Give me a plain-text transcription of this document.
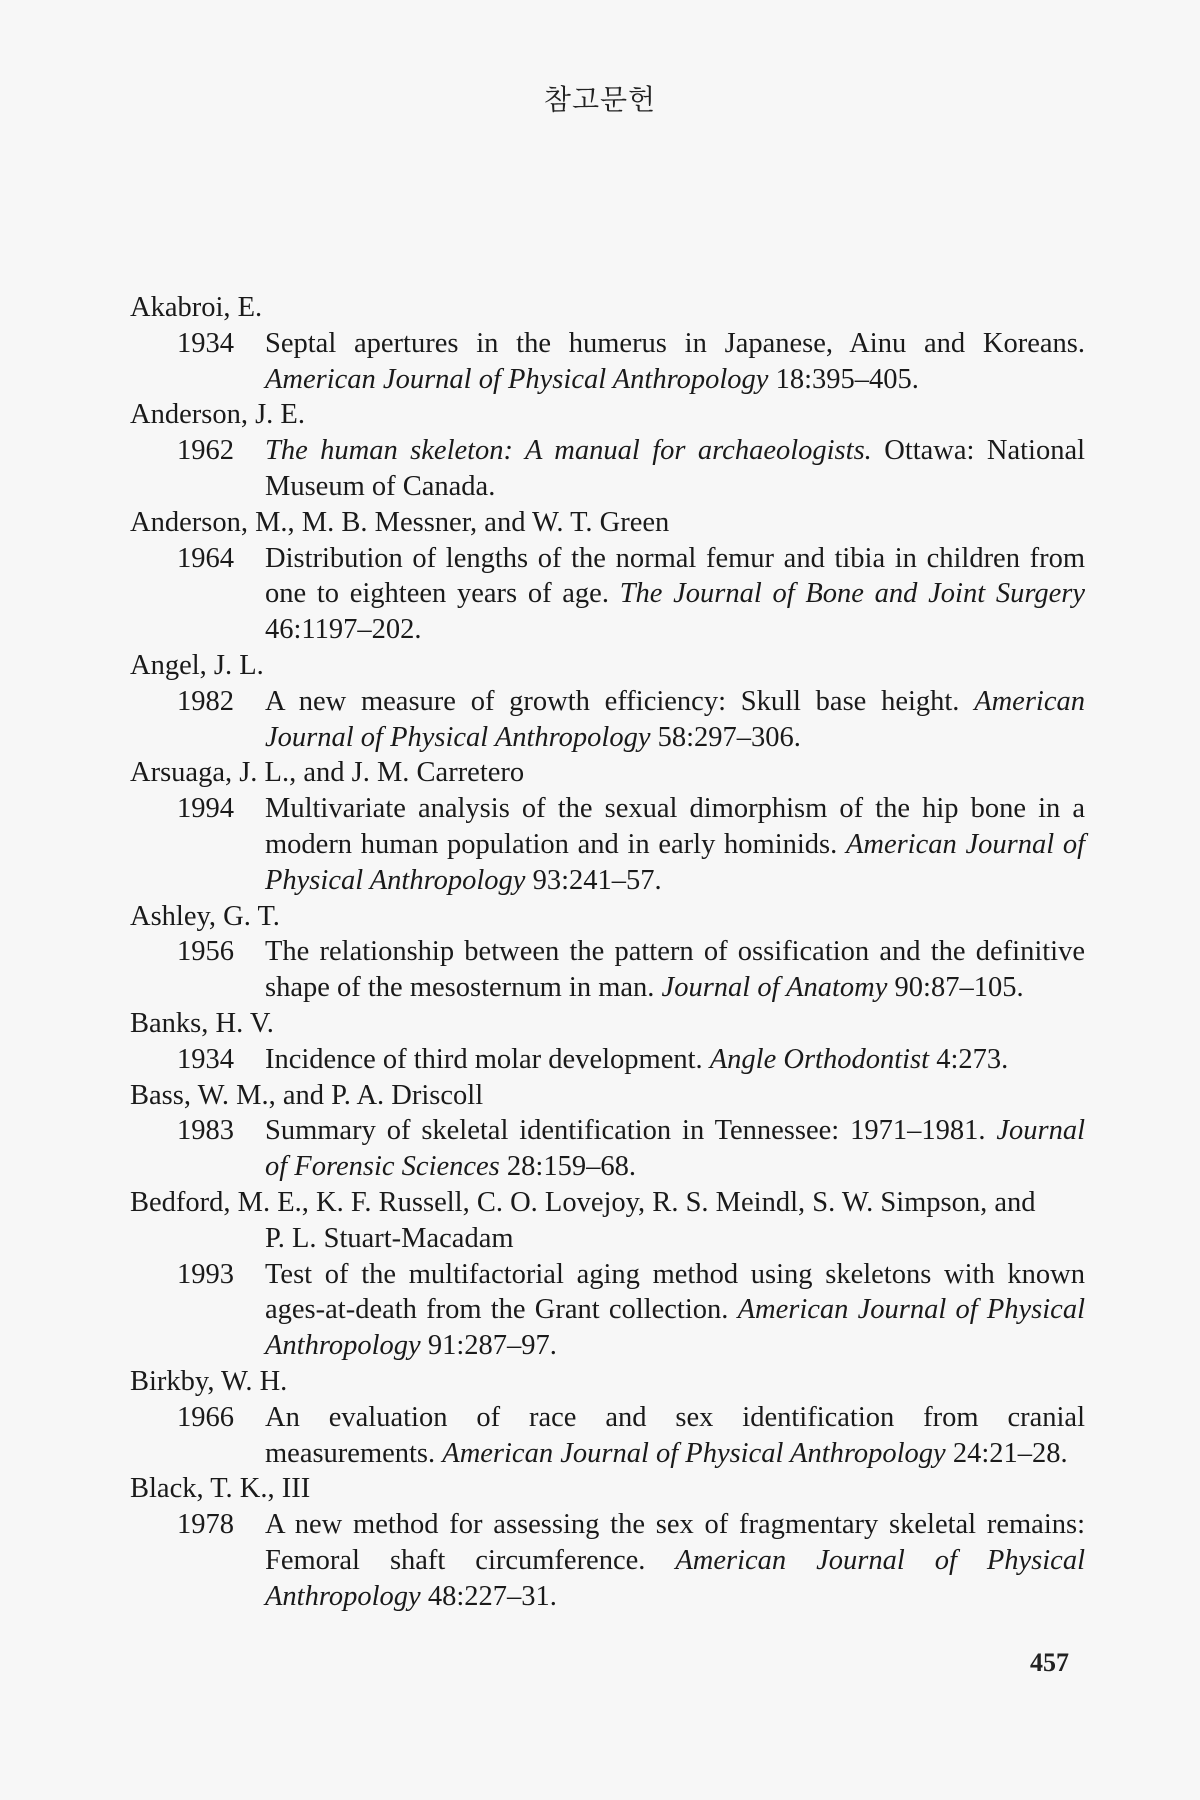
참고문헌
Akabroi, E.
1934	Septal apertures in the humerus in Japanese, Ainu and Koreans. American Journal of Physical Anthropology 18:395–405.
Anderson, J. E.
1962	The human skeleton: A manual for archaeologists. Ottawa: National Museum of Canada.
Anderson, M., M. B. Messner, and W. T. Green
1964	Distribution of lengths of the normal femur and tibia in children from one to eighteen years of age. The Journal of Bone and Joint Surgery 46:1197–202.
Angel, J. L.
1982	A new measure of growth efficiency: Skull base height. American Journal of Physical Anthropology 58:297–306.
Arsuaga, J. L., and J. M. Carretero
1994	Multivariate analysis of the sexual dimorphism of the hip bone in a modern human population and in early hominids. American Journal of Physical Anthropology 93:241–57.
Ashley, G. T.
1956	The relationship between the pattern of ossification and the definitive shape of the mesosternum in man. Journal of Anatomy 90:87–105.
Banks, H. V.
1934	Incidence of third molar development. Angle Orthodontist 4:273.
Bass, W. M., and P. A. Driscoll
1983	Summary of skeletal identification in Tennessee: 1971–1981. Journal of Forensic Sciences 28:159–68.
Bedford, M. E., K. F. Russell, C. O. Lovejoy, R. S. Meindl, S. W. Simpson, and
P. L. Stuart-Macadam
1993	Test of the multifactorial aging method using skeletons with known ages-at-death from the Grant collection. American Journal of Physical Anthropology 91:287–97.
Birkby, W. H.
1966	An evaluation of race and sex identification from cranial measurements. American Journal of Physical Anthropology 24:21–28.
Black, T. K., III
1978	A new method for assessing the sex of fragmentary skeletal remains: Femoral shaft circumference. American Journal of Physical Anthropology 48:227–31.
457
